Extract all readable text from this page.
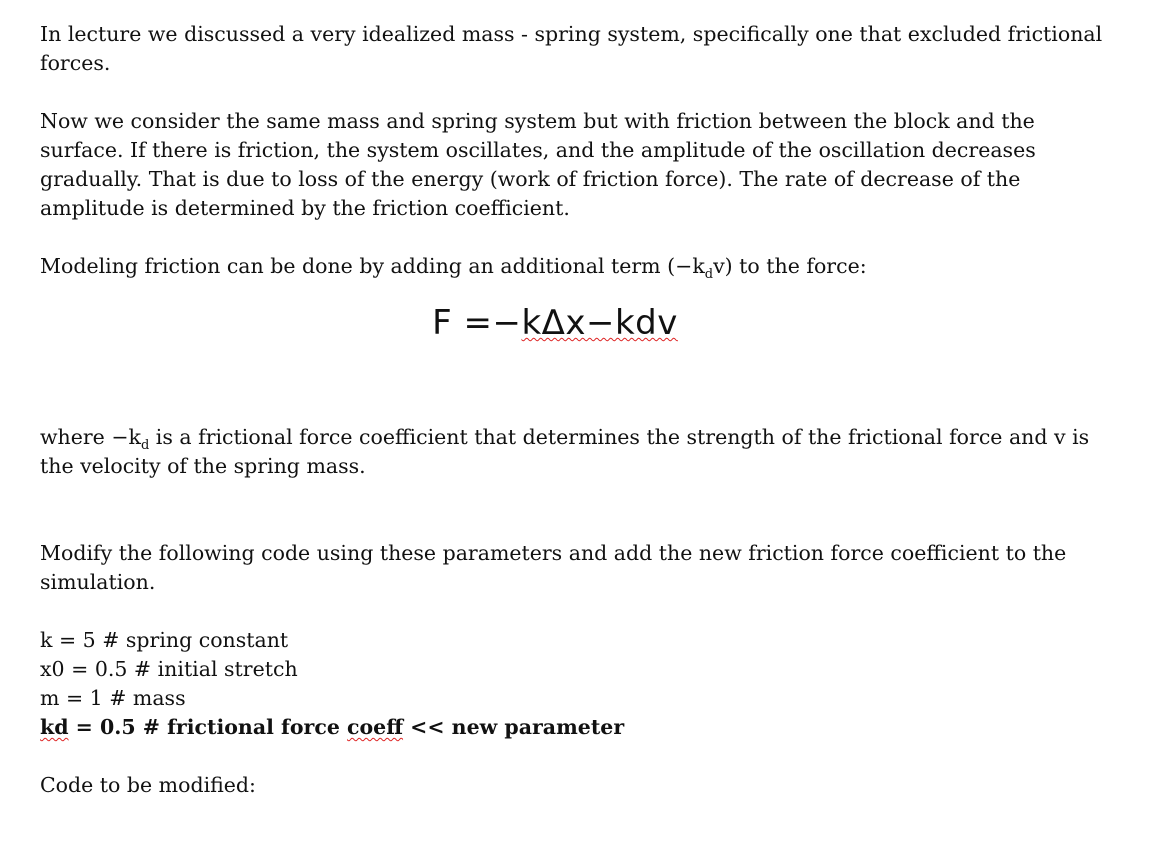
In lecture we discussed a very idealized mass - spring system, specifically one that excluded frictional forces.

Now we consider the same mass and spring system but with friction between the block and the surface. If there is friction, the system oscillates, and the amplitude of the oscillation decreases gradually. That is due to loss of the energy (work of friction force). The rate of decrease of the amplitude is determined by the friction coefficient.

Modeling friction can be done by adding an additional term $(-k_dv)$ to the force:

F =−kΔx−kdv

where $-k_d$ is a frictional force coefficient that determines the strength of the frictional force and v is the velocity of the spring mass.

Modify the following code using these parameters and add the new friction force coefficient to the simulation.

k = 5 # spring constant

x0 = 0.5 # initial stretch

m = 1 # mass

kd = 0.5 # frictional force coeff << new parameter

Code to be modified:
